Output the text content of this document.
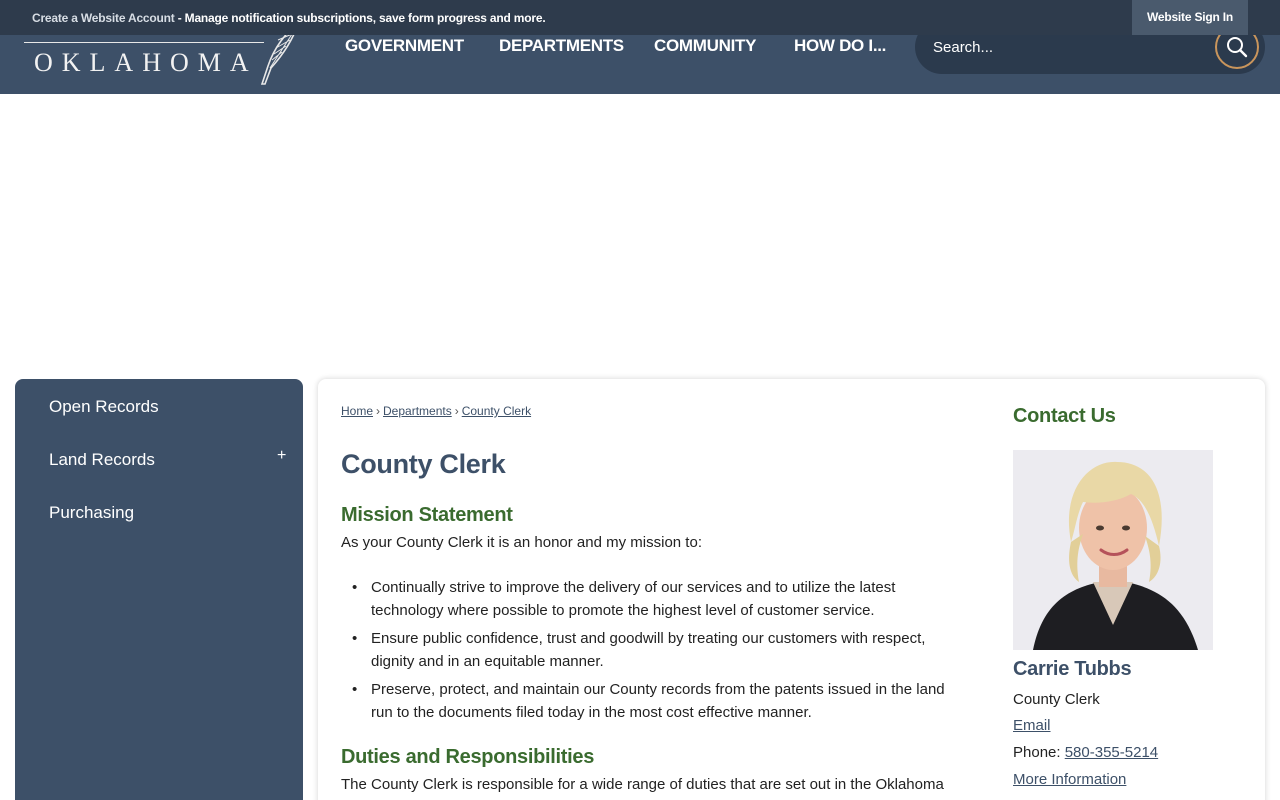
OKLAHOMA
GOVERNMENT DEPARTMENTS COMMUNITY HOW DO I...
Search...
Create a Website Account - Manage notification subscriptions, save form progress and more.	Website Sign In
Open Records
Land Records	+
Purchasing
Home › Departments › County Clerk
County Clerk
Mission Statement

As your County Clerk it is an honor and my mission to:

• Continually strive to improve the delivery of our services and to utilize the latest technology where possible to promote the highest level of customer service.
• Ensure public confidence, trust and goodwill by treating our customers with respect, dignity and in an equitable manner.
• Preserve, protect, and maintain our County records from the patents issued in the land run to the documents filed today in the most cost effective manner.
Duties and Responsibilities

The County Clerk is responsible for a wide range of duties that are set out in the Oklahoma

Contact Us
Carrie Tubbs
County Clerk
Email
Phone: 580-355-5214
More Information
